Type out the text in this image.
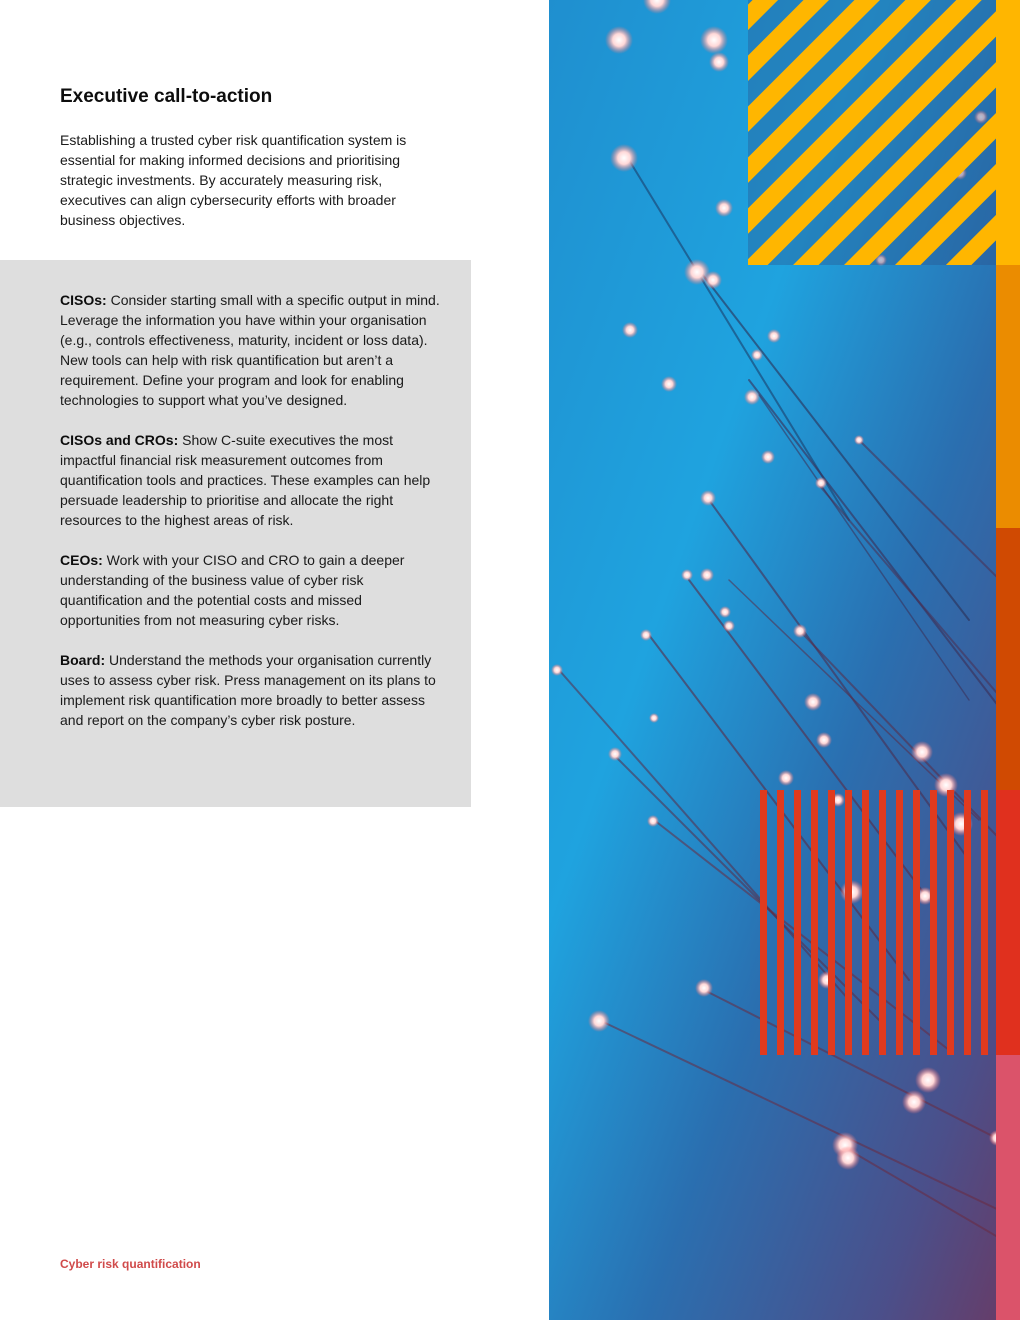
Executive call-to-action

Establishing a trusted cyber risk quantification system is essential for making informed decisions and prioritising strategic investments. By accurately measuring risk, executives can align cybersecurity efforts with broader business objectives.

CISOs: Consider starting small with a specific output in mind. Leverage the information you have within your organisation (e.g., controls effectiveness, maturity, incident or loss data). New tools can help with risk quantification but aren’t a requirement. Define your program and look for enabling technologies to support what you’ve designed.

CISOs and CROs: Show C-suite executives the most impactful financial risk measurement outcomes from quantification tools and practices. These examples can help persuade leadership to prioritise and allocate the right resources to the highest areas of risk.

CEOs: Work with your CISO and CRO to gain a deeper understanding of the business value of cyber risk quantification and the potential costs and missed opportunities from not measuring cyber risks.

Board: Understand the methods your organisation currently uses to assess cyber risk. Press management on its plans to implement risk quantification more broadly to better assess and report on the company’s cyber risk posture.

Cyber risk quantification
